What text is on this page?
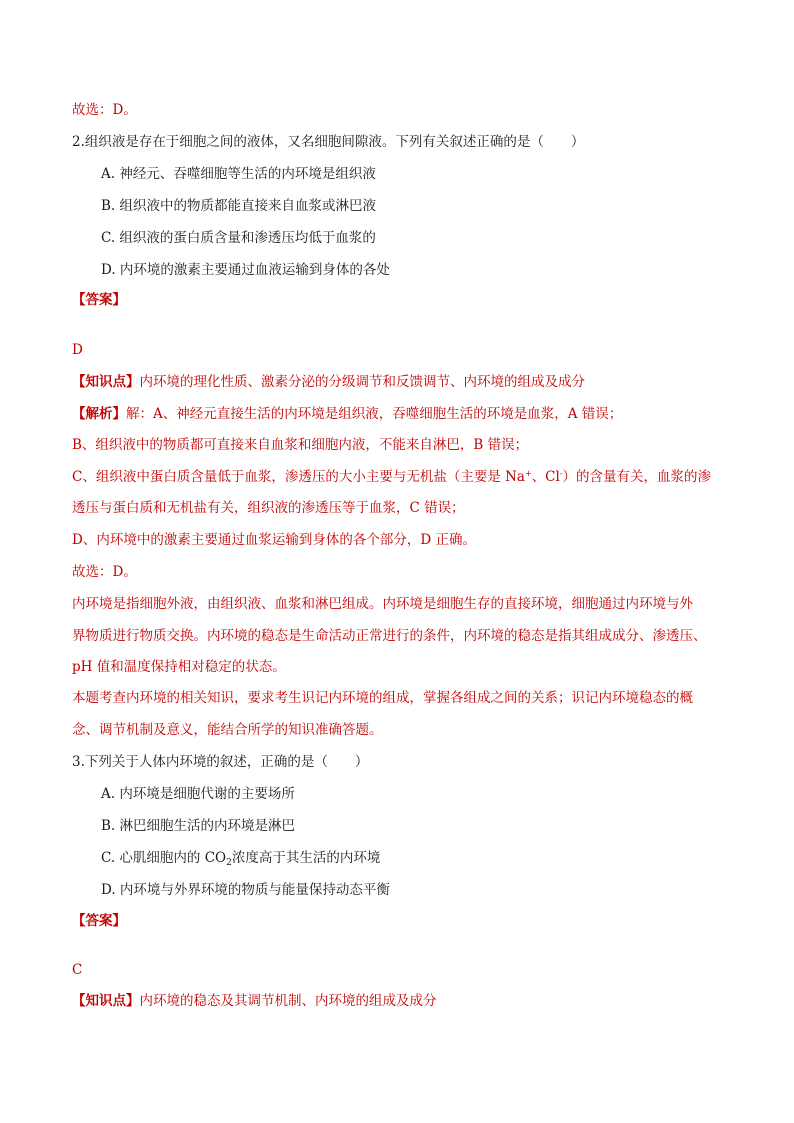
故选：D。
2.组织液是存在于细胞之间的液体，又名细胞间隙液。下列有关叙述正确的是（　　）
A. 神经元、吞噬细胞等生活的内环境是组织液
B. 组织液中的物质都能直接来自血浆或淋巴液
C. 组织液的蛋白质含量和渗透压均低于血浆的
D. 内环境的激素主要通过血液运输到身体的各处
【答案】
D
【知识点】内环境的理化性质、激素分泌的分级调节和反馈调节、内环境的组成及成分
【解析】解：A、神经元直接生活的内环境是组织液，吞噬细胞生活的环境是血浆，A 错误；
B、组织液中的物质都可直接来自血浆和细胞内液，不能来自淋巴，B 错误；
C、组织液中蛋白质含量低于血浆，渗透压的大小主要与无机盐（主要是 Na+、Cl-）的含量有关，血浆的渗
透压与蛋白质和无机盐有关，组织液的渗透压等于血浆，C 错误；
D、内环境中的激素主要通过血浆运输到身体的各个部分，D 正确。
故选：D。
内环境是指细胞外液，由组织液、血浆和淋巴组成。内环境是细胞生存的直接环境，细胞通过内环境与外
界物质进行物质交换。内环境的稳态是生命活动正常进行的条件，内环境的稳态是指其组成成分、渗透压、
pH 值和温度保持相对稳定的状态。
本题考查内环境的相关知识，要求考生识记内环境的组成，掌握各组成之间的关系；识记内环境稳态的概
念、调节机制及意义，能结合所学的知识准确答题。
3.下列关于人体内环境的叙述，正确的是（　　）
A. 内环境是细胞代谢的主要场所
B. 淋巴细胞生活的内环境是淋巴
C. 心肌细胞内的 $CO_2$浓度高于其生活的内环境
D. 内环境与外界环境的物质与能量保持动态平衡
【答案】
C
【知识点】内环境的稳态及其调节机制、内环境的组成及成分
